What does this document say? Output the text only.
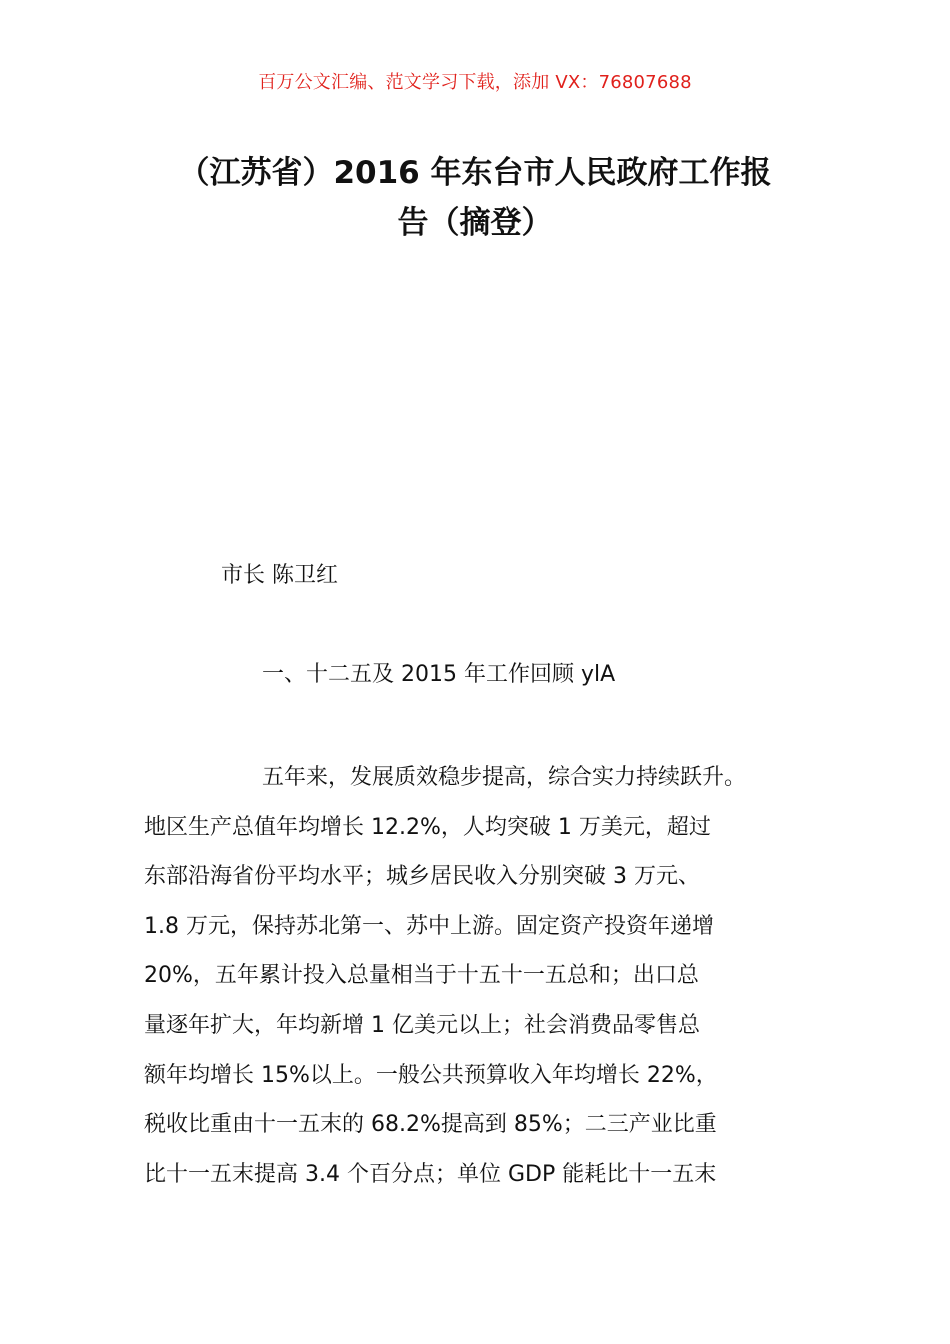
百万公文汇编、范文学习下载，添加 VX：76807688
（江苏省）2016 年东台市人民政府工作报
告（摘登）
市长 陈卫红
一、十二五及 2015 年工作回顾 ylA
五年来，发展质效稳步提高，综合实力持续跃升。
地区生产总值年均增长 12.2%，人均突破 1 万美元，超过
东部沿海省份平均水平；城乡居民收入分别突破 3 万元、
1.8 万元，保持苏北第一、苏中上游。固定资产投资年递增
20%，五年累计投入总量相当于十五十一五总和；出口总
量逐年扩大，年均新增 1 亿美元以上；社会消费品零售总
额年均增长 15%以上。一般公共预算收入年均增长 22%，
税收比重由十一五末的 68.2%提高到 85%；二三产业比重
比十一五末提高 3.4 个百分点；单位 GDP 能耗比十一五末
